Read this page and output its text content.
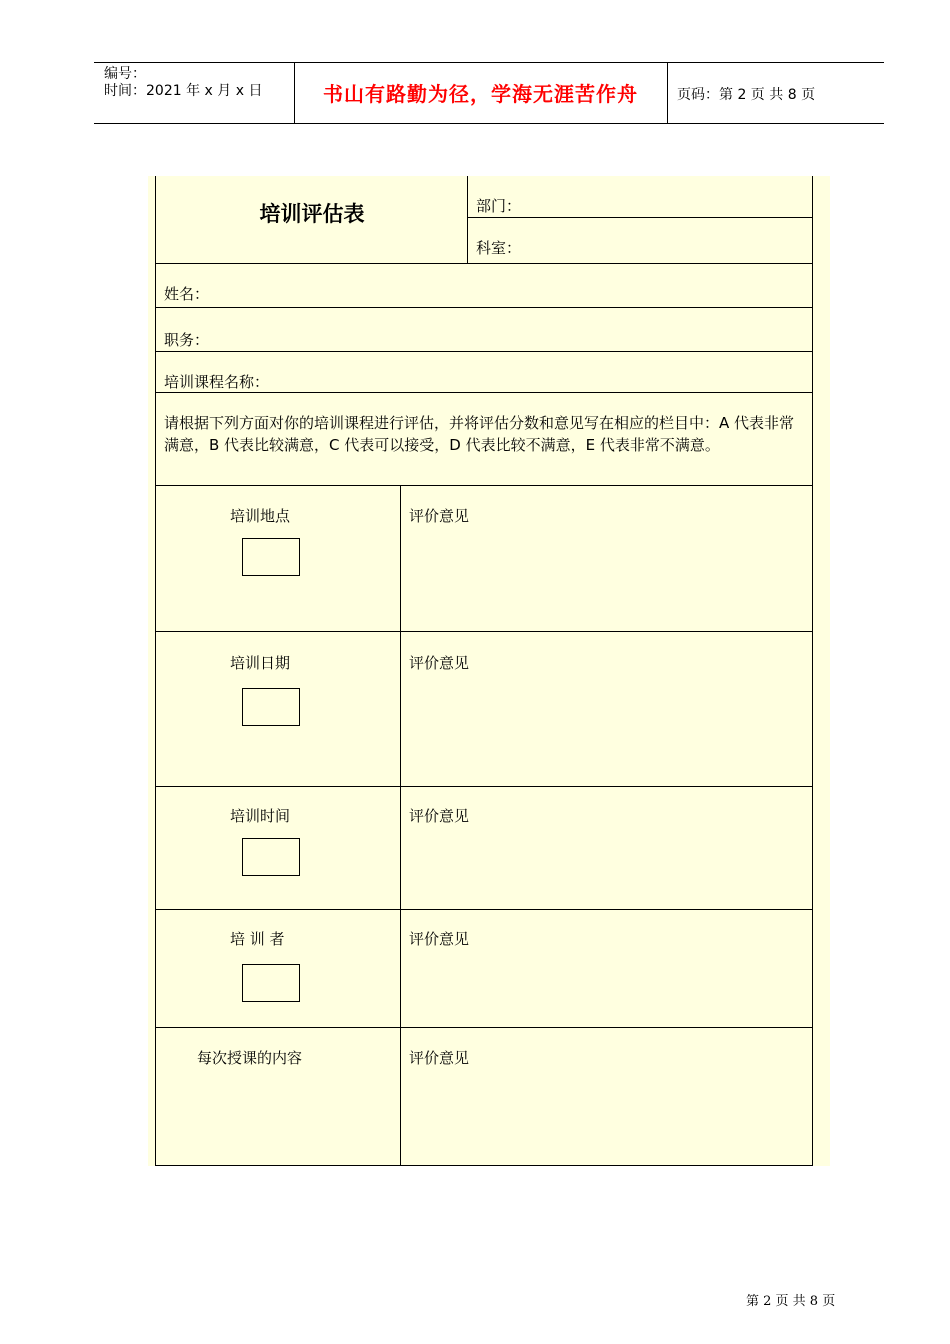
编号：
时间：2021 年 x 月 x 日	书山有路勤为径，学海无涯苦作舟	页码：第 2 页 共 8 页
培训评估表	部门：
科室：
姓名：
职务：
培训课程名称：
请根据下列方面对你的培训课程进行评估，并将评估分数和意见写在相应的栏目中：A 代表非常满意，B 代表比较满意，C 代表可以接受，D 代表比较不满意，E 代表非常不满意。
培训地点	评价意见
培训日期	评价意见
培训时间	评价意见
培 训 者	评价意见
每次授课的内容	评价意见
第 2 页 共 8 页
